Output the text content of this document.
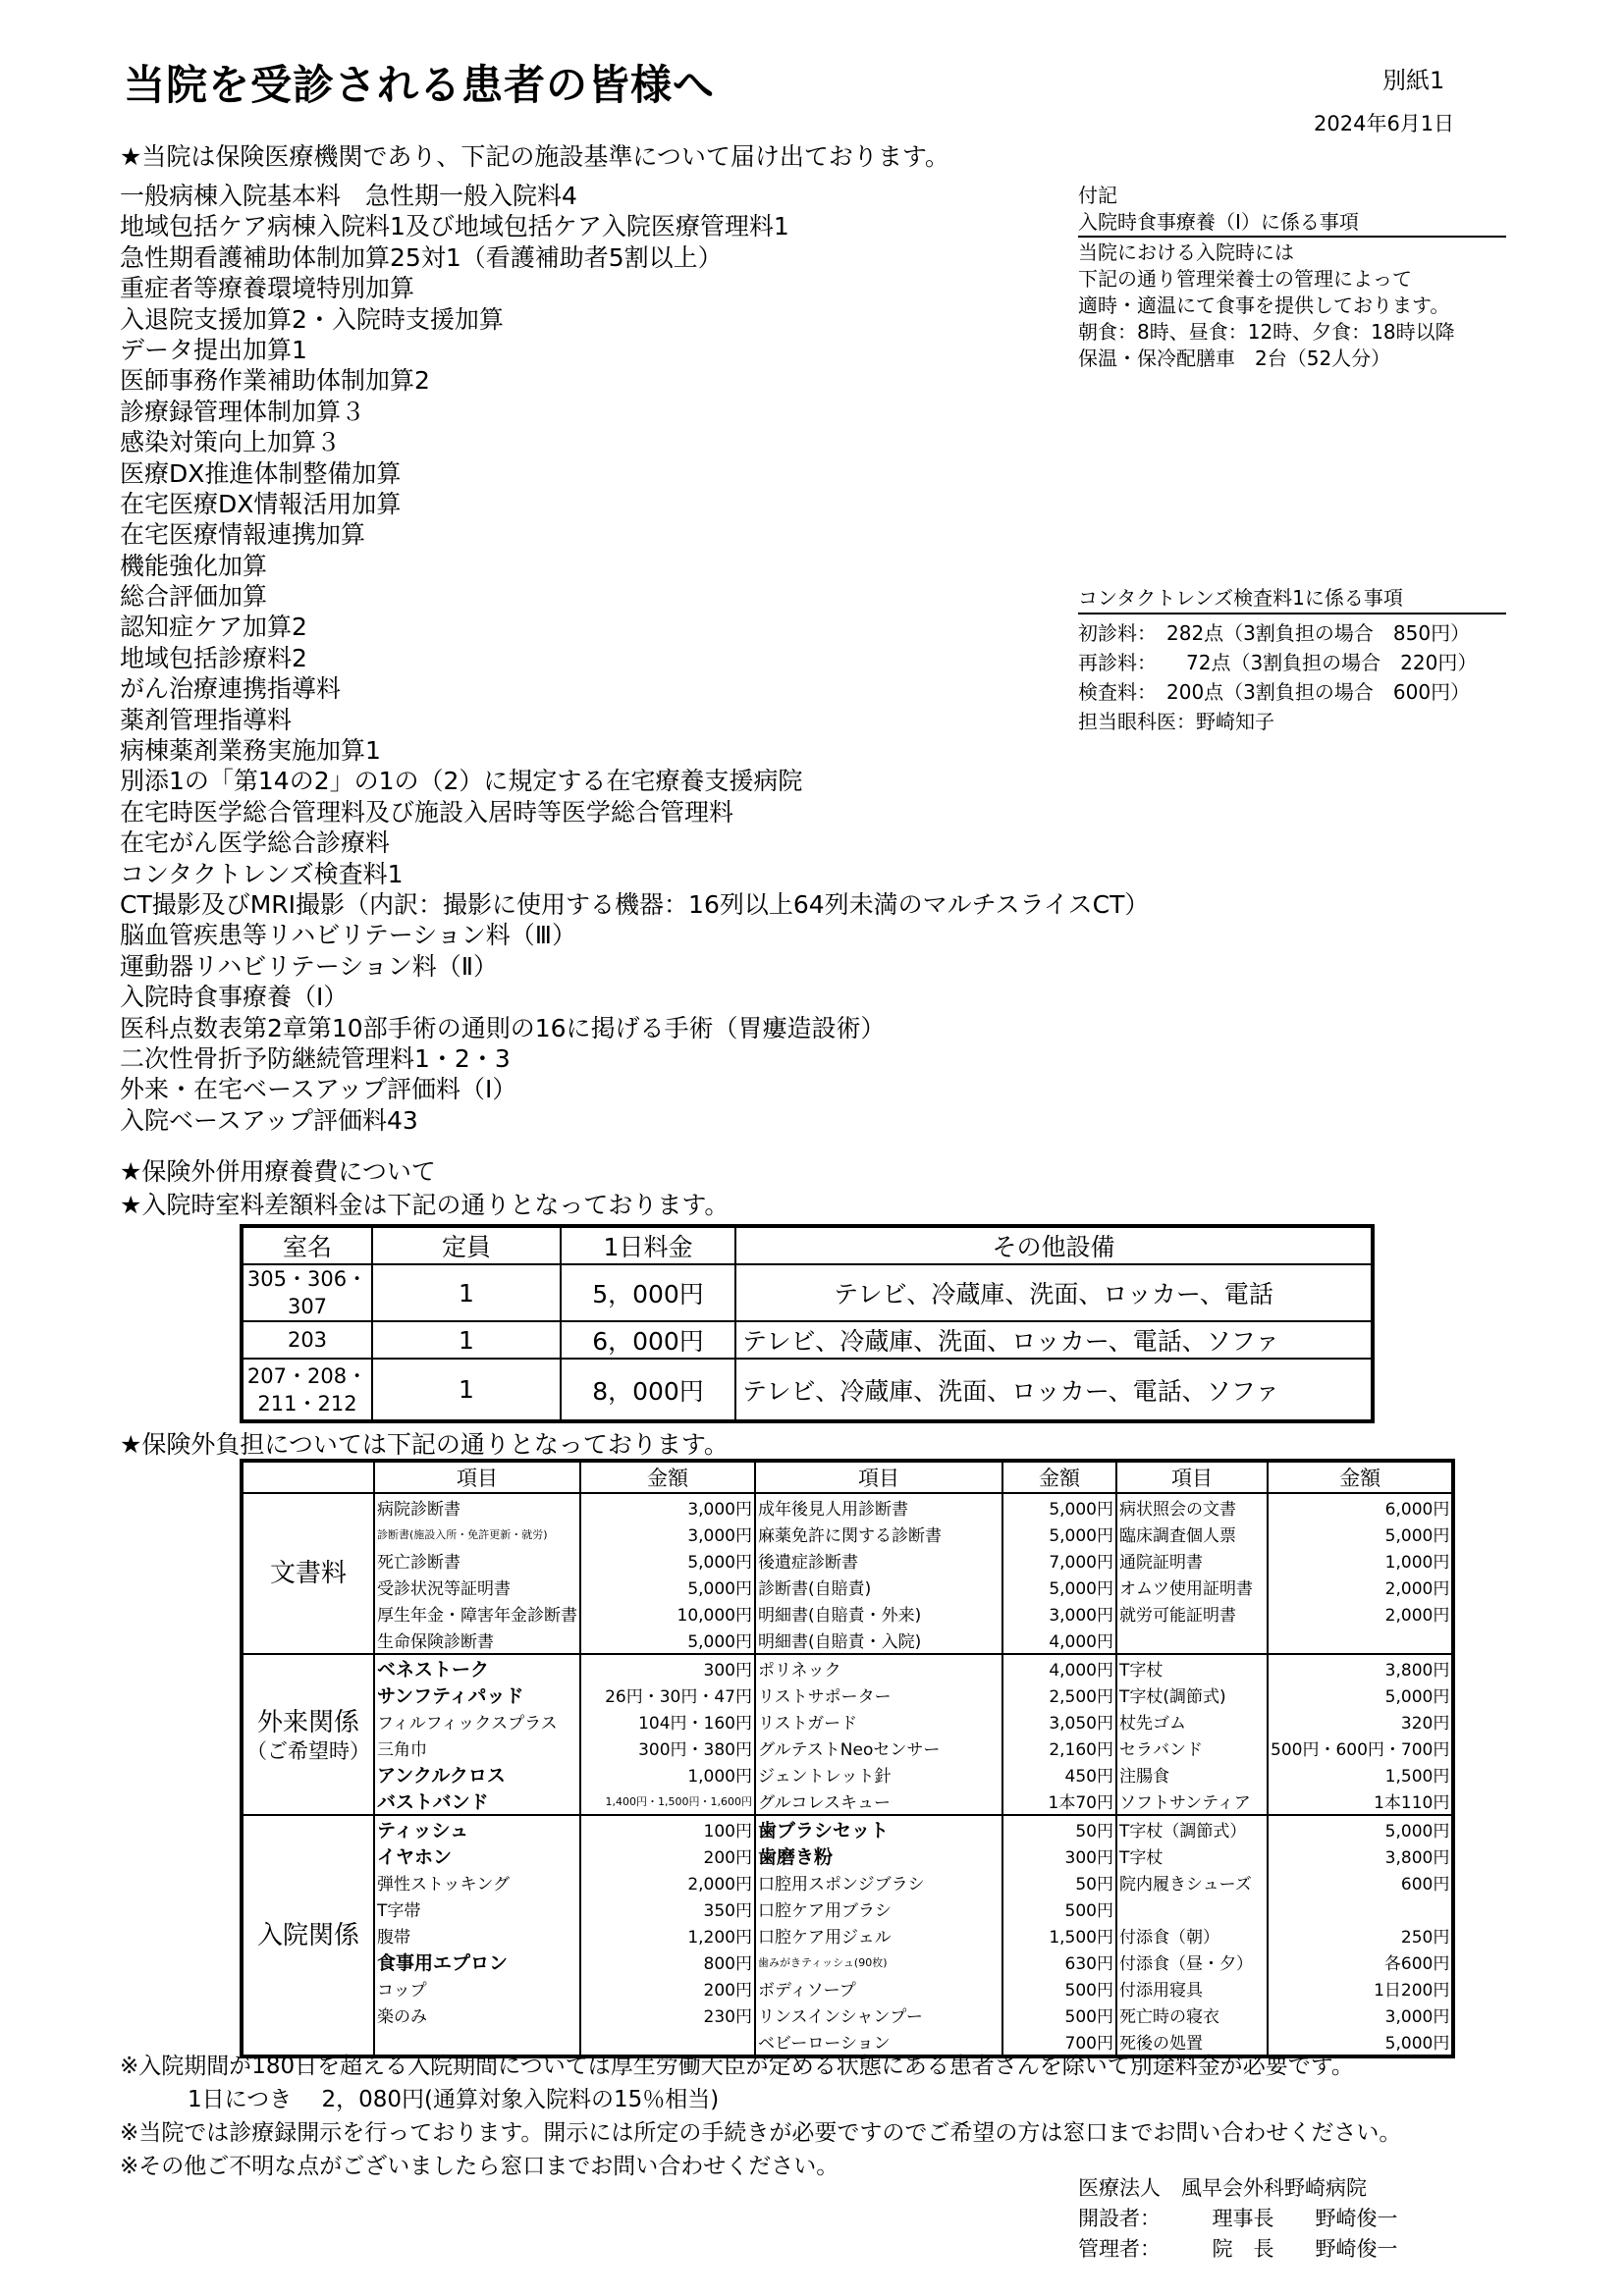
当院を受診される患者の皆様へ	別紙1
2024年6月1日
★当院は保険医療機関であり、下記の施設基準について届け出ております。
一般病棟入院基本料　急性期一般入院料4
地域包括ケア病棟入院料1及び地域包括ケア入院医療管理料1
急性期看護補助体制加算25対1（看護補助者5割以上）
重症者等療養環境特別加算
入退院支援加算2・入院時支援加算
データ提出加算1
医師事務作業補助体制加算2
診療録管理体制加算３
感染対策向上加算３
医療DX推進体制整備加算
在宅医療DX情報活用加算
在宅医療情報連携加算
機能強化加算
総合評価加算
認知症ケア加算2
地域包括診療料2
がん治療連携指導料
薬剤管理指導料
病棟薬剤業務実施加算1
別添1の「第14の2」の1の（2）に規定する在宅療養支援病院
在宅時医学総合管理料及び施設入居時等医学総合管理料
在宅がん医学総合診療料
コンタクトレンズ検査料1
CT撮影及びMRI撮影（内訳：撮影に使用する機器：16列以上64列未満のマルチスライスCT）
脳血管疾患等リハビリテーション料（Ⅲ）
運動器リハビリテーション料（Ⅱ）
入院時食事療養（Ⅰ）
医科点数表第2章第10部手術の通則の16に掲げる手術（胃瘻造設術）
二次性骨折予防継続管理料1・2・3
外来・在宅ベースアップ評価料（Ⅰ）
入院ベースアップ評価料43
付記
入院時食事療養（Ⅰ）に係る事項
当院における入院時には
下記の通り管理栄養士の管理によって
適時・適温にて食事を提供しております。
朝食：8時、昼食：12時、夕食：18時以降
保温・保冷配膳車　2台（52人分）
コンタクトレンズ検査料1に係る事項
初診料：　282点（3割負担の場合　850円）
再診料：　　72点（3割負担の場合　220円）
検査料：　200点（3割負担の場合　600円）
担当眼科医：野崎知子
★保険外併用療養費について
★入院時室料差額料金は下記の通りとなっております。
室名	定員	1日料金	その他設備
305・306・307	1	5，000円	テレビ、冷蔵庫、洗面、ロッカー、電話
203	1	6，000円	テレビ、冷蔵庫、洗面、ロッカー、電話、ソファ
207・208・211・212	1	8，000円	テレビ、冷蔵庫、洗面、ロッカー、電話、ソファ
★保険外負担については下記の通りとなっております。
	項目	金額	項目	金額	項目	金額

文書料	病院診断書	3,000円	成年後見人用診断書	5,000円	病状照会の文書	6,000円
	診断書(施設入所・免許更新・就労)	3,000円	麻薬免許に関する診断書	5,000円	臨床調査個人票	5,000円
	死亡診断書	5,000円	後遺症診断書	7,000円	通院証明書	1,000円
	受診状況等証明書	5,000円	診断書(自賠責)	5,000円	オムツ使用証明書	2,000円
	厚生年金・障害年金診断書	10,000円	明細書(自賠責・外来)	3,000円	就労可能証明書	2,000円
	生命保険診断書	5,000円	明細書(自賠責・入院)	4,000円		

外来関係
（ご希望時）	ベネストーク	300円	ポリネック	4,000円	T字杖	3,800円
	サンフティパッド	26円・30円・47円	リストサポーター	2,500円	T字杖(調節式)	5,000円
	フィルフィックスプラス	104円・160円	リストガード	3,050円	杖先ゴム	320円
	三角巾	300円・380円	グルテストNeoセンサー	2,160円	セラバンド	500円・600円・700円
	アンクルクロス	1,000円	ジェントレット針	450円	注腸食	1,500円
	バストバンド	1,400円・1,500円・1,600円	グルコレスキュー	1本70円	ソフトサンティア	1本110円

入院関係	ティッシュ	100円	歯ブラシセット	50円	T字杖（調節式）	5,000円
	イヤホン	200円	歯磨き粉	300円	T字杖	3,800円
	弾性ストッキング	2,000円	口腔用スポンジブラシ	50円	院内履きシューズ	600円
	T字帯	350円	口腔ケア用ブラシ	500円		
	腹帯	1,200円	口腔ケア用ジェル	1,500円	付添食（朝）	250円
	食事用エプロン	800円	歯みがきティッシュ(90枚)	630円	付添食（昼・夕）	各600円
	コップ	200円	ボディソープ	500円	付添用寝具	1日200円
	楽のみ	230円	リンスインシャンプー	500円	死亡時の寝衣	3,000円
			ベビーローション	700円	死後の処置	5,000円
※入院期間が180日を超える入院期間については厚生労働大臣が定める状態にある患者さんを除いて別途料金が必要です。
　　　1日につき　 2，080円(通算対象入院料の15％相当)
※当院では診療録開示を行っております。開示には所定の手続きが必要ですのでご希望の方は窓口までお問い合わせください。
※その他ご不明な点がございましたら窓口までお問い合わせください。
医療法人　風早会外科野崎病院
開設者：　　　理事長　　野崎俊一
管理者：　　　院　長　　野崎俊一
